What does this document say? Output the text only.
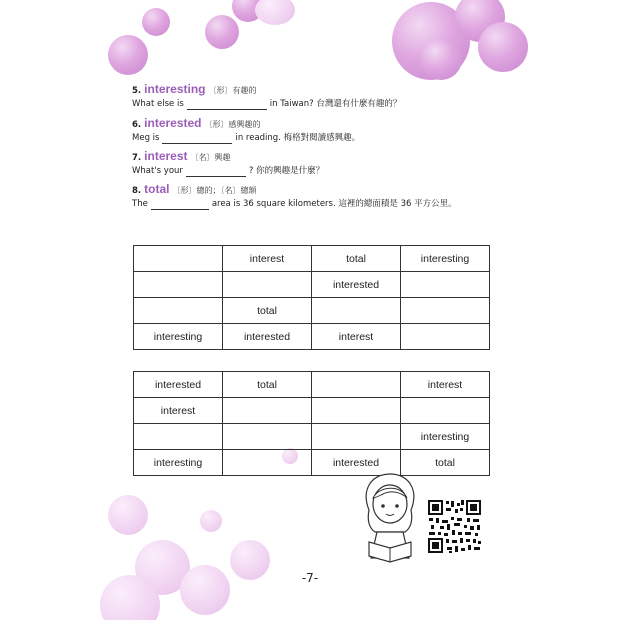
5. interesting 〔形〕有趣的
What else is	in Taiwan? 台灣還有什麼有趣的？
6. interested 〔形〕感興趣的
Meg is	in reading. 梅格對閱讀感興趣。
7. interest 〔名〕興趣
What's your	? 你的興趣是什麼？
8. total 〔形〕總的；〔名〕總額
The	area is 36 square kilometers. 這裡的總面積是 36 平方公里。
	interest	total	interesting
		interested	
	total		
interesting	interested	interest	
interested	total		interest
interest			
			interesting
interesting		interested	total
-7-
